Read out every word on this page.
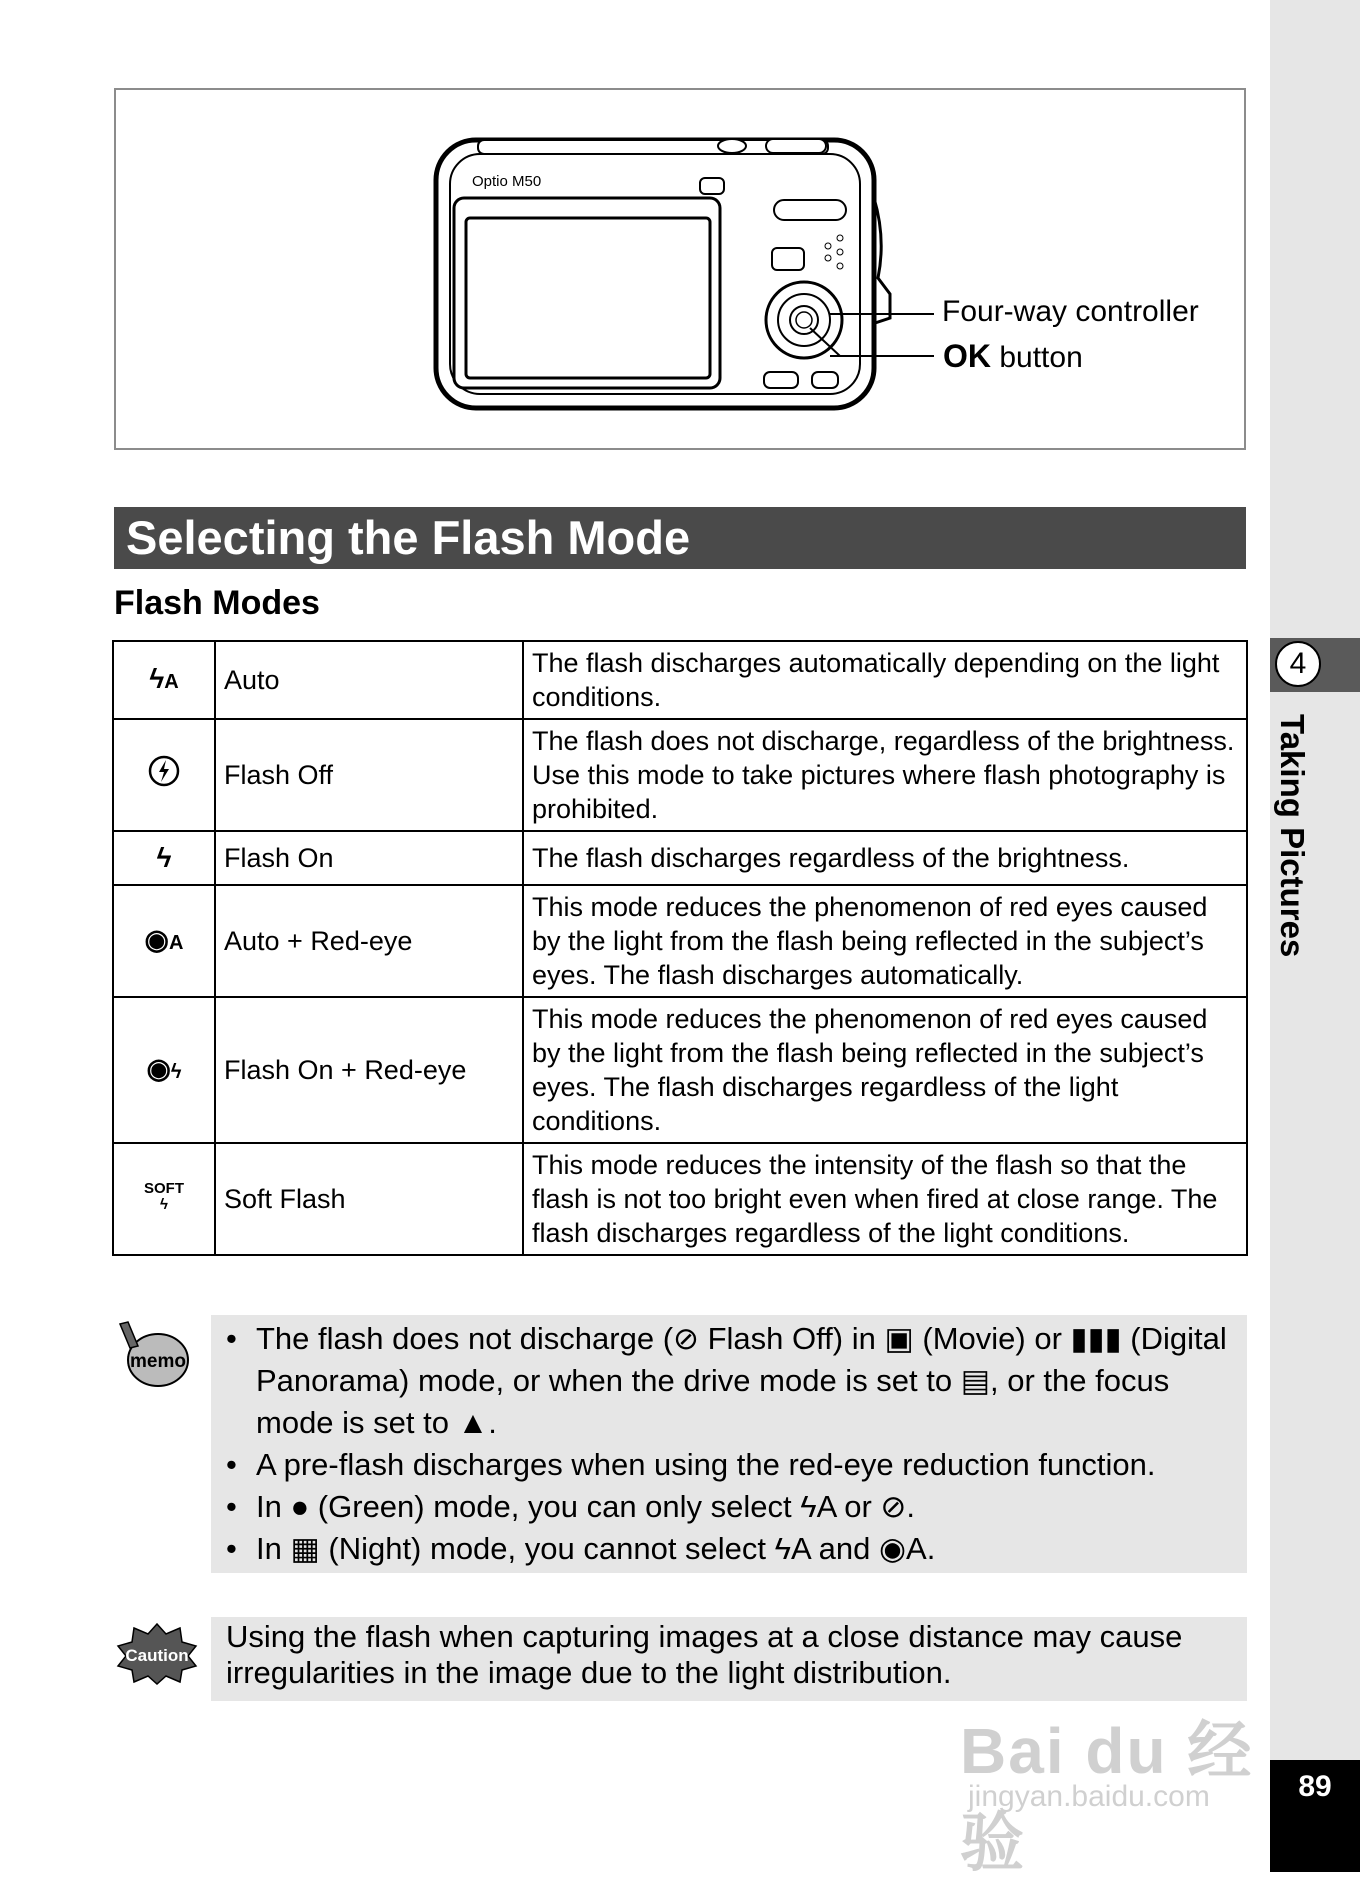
4
Taking Pictures
89
Optio M50
Four-way controller
OK button
Selecting the Flash Mode
Flash Modes
ϟA	Auto	The flash discharges automatically depending on the light conditions.
	Flash Off	The flash does not discharge, regardless of the brightness. Use this mode to take pictures where flash photography is prohibited.
ϟ	Flash On	The flash discharges regardless of the brightness.
◉A	Auto + Red-eye	This mode reduces the phenomenon of red eyes caused by the light from the flash being reflected in the subject’s eyes. The flash discharges automatically.
◉ϟ	Flash On + Red-eye	This mode reduces the phenomenon of red eyes caused by the light from the flash being reflected in the subject’s eyes. The flash discharges regardless of the light conditions.
SOFT
ϟ	Soft Flash	This mode reduces the intensity of the flash so that the flash is not too bright even when fired at close range. The flash discharges regardless of the light conditions.
memo
• The flash does not discharge (⊘ Flash Off) in ▣ (Movie) or ▮▮▮ (Digital Panorama) mode, or when the drive mode is set to ▤, or the focus mode is set to ▲.
• A pre-flash discharges when using the red-eye reduction function.
• In ● (Green) mode, you can only select ϟA or ⊘.
• In ▦ (Night) mode, you cannot select ϟA and ◉A.
Caution
Using the flash when capturing images at a close distance may cause irregularities in the image due to the light distribution.
Bai du 经验
jingyan.baidu.com
